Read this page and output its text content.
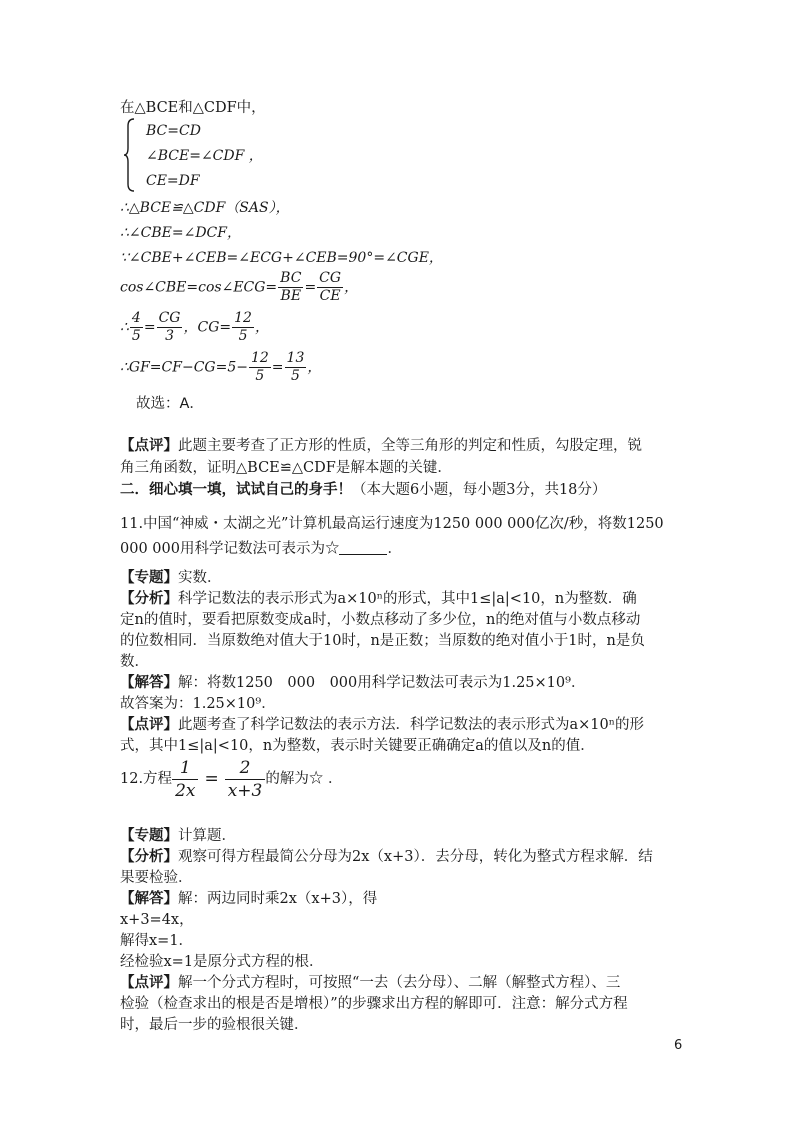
在△BCE和△CDF中，
BC=CD
∠BCE=∠CDF ，
CE=DF
∴△BCE≌△CDF（SAS），
∴∠CBE=∠DCF，
∵∠CBE+∠CEB=∠ECG+∠CEB=90°=∠CGE，
cos∠CBE=cos∠ECG= $\frac{BC}{BE} = \frac{CG}{CE}$ ，
∴ $\frac{4}{5} = \frac{CG}{3}$ ，$CG= \frac{12}{5}$ ，
∴GF=CF−CG=5− $\frac{12}{5} = \frac{13}{5}$ ，
故选：A．
【点评】此题主要考查了正方形的性质，全等三角形的判定和性质，勾股定理，锐
角三角函数，证明△BCE≌△CDF是解本题的关键．
二．细心填一填，试试自己的身手！（本大题6小题，每小题3分，共18分）
11.中国“神威・太湖之光”计算机最高运行速度为1250 000 000亿次/秒，将数1250
000 000用科学记数法可表示为☆	．
【专题】实数．
【分析】科学记数法的表示形式为a×10ⁿ的形式，其中1≤|a|<10，n为整数．确
定n的值时，要看把原数变成a时，小数点移动了多少位，n的绝对值与小数点移动
的位数相同．当原数绝对值大于10时，n是正数；当原数的绝对值小于1时，n是负
数．
【解答】解：将数1250　000　000用科学记数法可表示为1.25×10⁹．
故答案为：1.25×10⁹．
【点评】此题考查了科学记数法的表示方法．科学记数法的表示形式为a×10ⁿ的形
式，其中1≤|a|<10，n为整数，表示时关键要正确确定a的值以及n的值．
12.方程 $\frac{1}{2x} = \frac{2}{x+3}$ 的解为☆ ．
【专题】计算题．
【分析】观察可得方程最简公分母为2x（x+3）．去分母，转化为整式方程求解．结
果要检验．
【解答】解：两边同时乘2x（x+3），得
x+3=4x，
解得x=1．
经检验x=1是原分式方程的根．
【点评】解一个分式方程时，可按照“一去（去分母）、二解（解整式方程）、三
检验（检查求出的根是否是增根）”的步骤求出方程的解即可．注意：解分式方程
时，最后一步的验根很关键．
6
